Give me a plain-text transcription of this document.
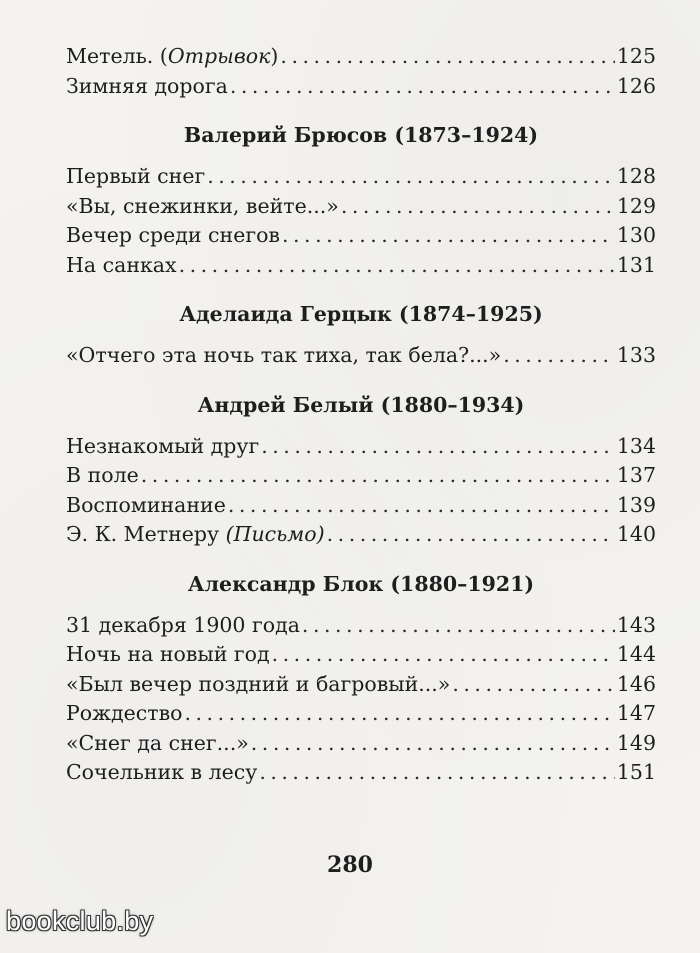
Метель. (Отрывок) . . .	125
Зимняя дорога . . .	126
Валерий Брюсов (1873–1924)
Первый снег . . .	128
«Вы, снежинки, вейте...» . . .	129
Вечер среди снегов . . .	130
На санках . . .	131
Аделаида Герцык (1874–1925)
«Отчего эта ночь так тиха, так бела?...» . . .	133
Андрей Белый (1880–1934)
Незнакомый друг . . .	134
В поле . . .	137
Воспоминание . . .	139
Э. К. Метнеру (Письмо) . . .	140
Александр Блок (1880–1921)
31 декабря 1900 года . . .	143
Ночь на новый год . . .	144
«Был вечер поздний и багровый...» . . .	146
Рождество . . .	147
«Снег да снег...» . . .	149
Сочельник в лесу . . .	151
280
bookclub.by
